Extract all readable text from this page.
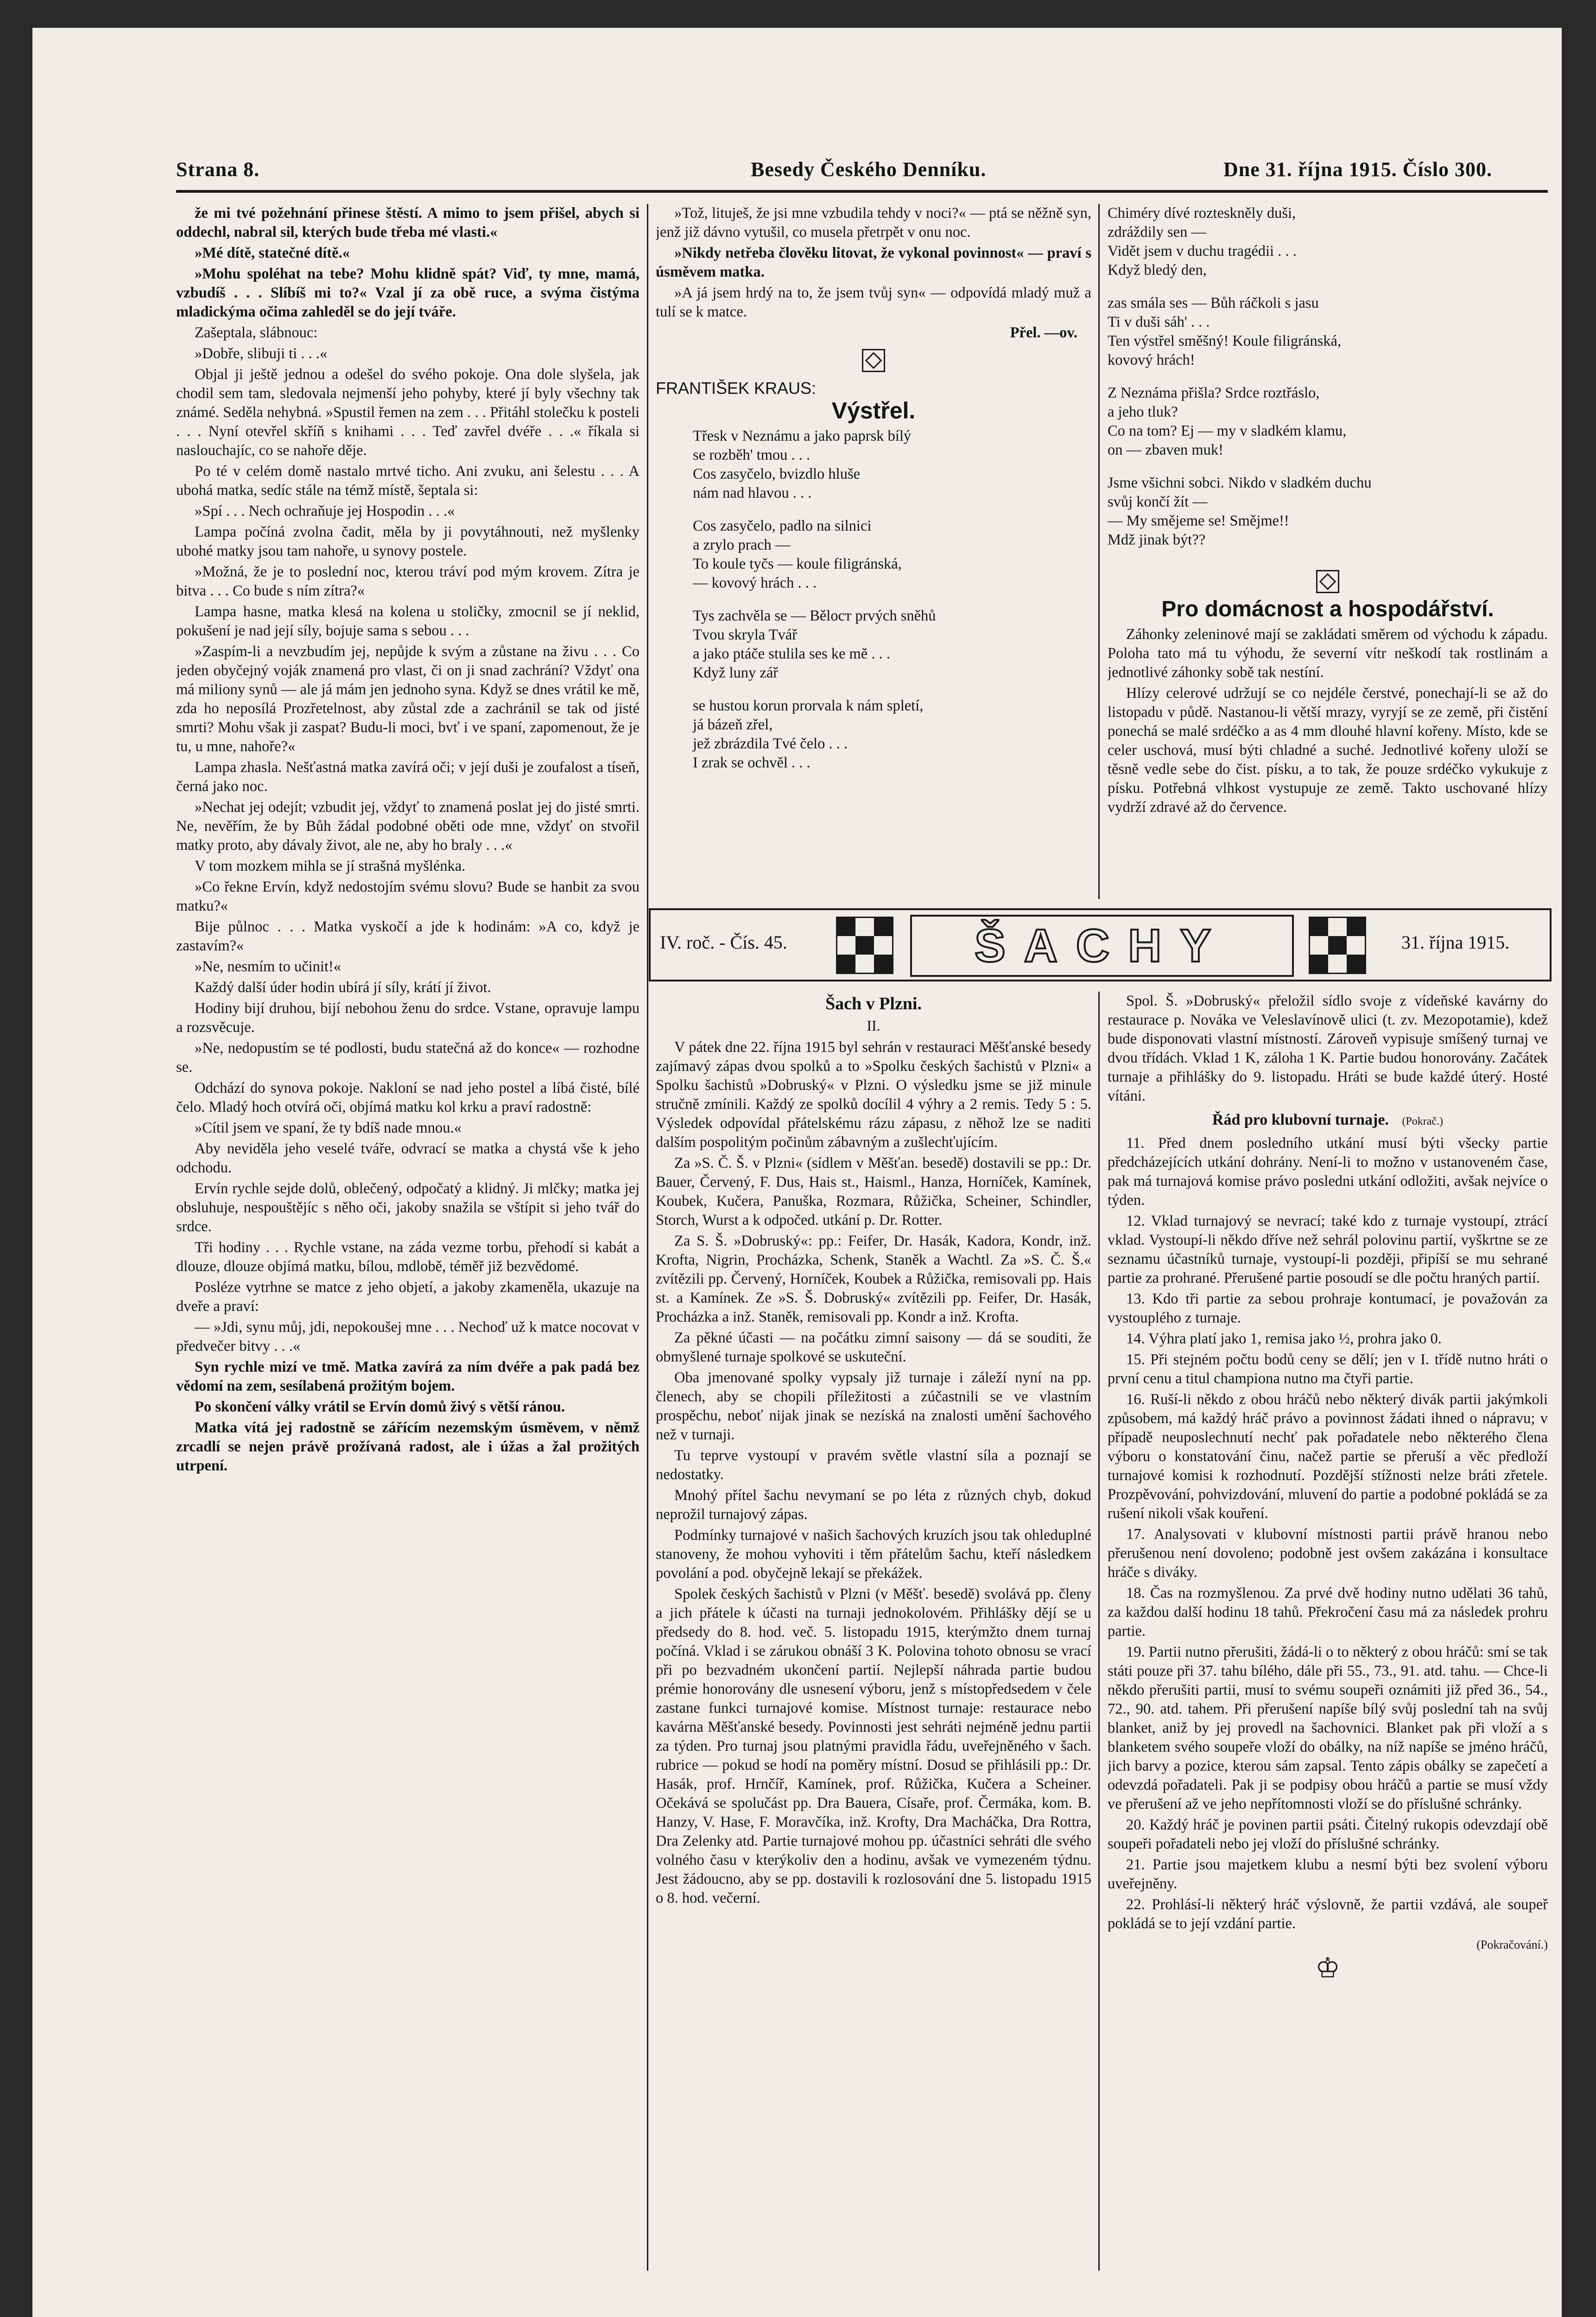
Strana 8.	Besedy Českého Denníku.	Dne 31. října 1915. Číslo 300.

že mi tvé požehnání přinese štěstí. A mimo to jsem přišel, abych si oddechl, nabral sil, kterých bude třeba mé vlasti.«

»Mé dítě, statečné dítě.«

»Mohu spoléhat na tebe? Mohu klidně spát? Viď, ty mne, mamá, vzbudíš . . . Slíbíš mi to?« Vzal jí za obě ruce, a svýma čistýma mladickýma očima zahleděl se do její tváře.

Zašeptala, slábnouc:

»Dobře, slibuji ti . . .«

Objal ji ještě jednou a odešel do svého pokoje. Ona dole slyšela, jak chodil sem tam, sledovala nejmenší jeho pohyby, které jí byly všechny tak známé. Seděla nehybná. »Spustil řemen na zem . . . Přitáhl stolečku k posteli . . . Nyní otevřel skříň s knihami . . . Teď zavřel dvéře . . .« říkala si naslouchajíc, co se nahoře děje.

Po té v celém domě nastalo mrtvé ticho. Ani zvuku, ani šelestu . . . A ubohá matka, sedíc stále na témž místě, šeptala si:

»Spí . . . Nech ochraňuje jej Hospodin . . .«

Lampa počíná zvolna čadit, měla by ji povytáhnouti, než myšlenky ubohé matky jsou tam nahoře, u synovy postele.

»Možná, že je to poslední noc, kterou tráví pod mým krovem. Zítra je bitva . . . Co bude s ním zítra?«

Lampa hasne, matka klesá na kolena u stoličky, zmocnil se jí neklid, pokušení je nad její síly, bojuje sama s sebou . . .

»Zaspím-li a nevzbudím jej, nepůjde k svým a zůstane na živu . . . Co jeden obyčejný voják znamená pro vlast, či on ji snad zachrání? Vždyť ona má miliony synů — ale já mám jen jednoho syna. Když se dnes vrátil ke mě, zda ho neposílá Prozřetelnost, aby zůstal zde a zachránil se tak od jisté smrti? Mohu však ji zaspat? Budu-li moci, bvť i ve spaní, zapomenout, že je tu, u mne, nahoře?«

Lampa zhasla. Nešťastná matka zavírá oči; v její duši je zoufalost a tíseň, černá jako noc.

»Nechat jej odejít; vzbudit jej, vždyť to znamená poslat jej do jisté smrti. Ne, nevěřím, že by Bůh žádal podobné oběti ode mne, vždyť on stvořil matky proto, aby dávaly život, ale ne, aby ho braly . . .«

V tom mozkem mihla se jí strašná myšlénka.

»Co řekne Ervín, když nedostojím svému slovu? Bude se hanbit za svou matku?«

Bije půlnoc . . . Matka vyskočí a jde k hodinám: »A co, když je zastavím?«

»Ne, nesmím to učinit!«

Každý další úder hodin ubírá jí síly, krátí jí život.

Hodiny bijí druhou, bijí nebohou ženu do srdce. Vstane, opravuje lampu a rozsvěcuje.

»Ne, nedopustím se té podlosti, budu statečná až do konce« — rozhodne se.

Odchází do synova pokoje. Nakloní se nad jeho postel a líbá čisté, bílé čelo. Mladý hoch otvírá oči, objímá matku kol krku a praví radostně:

»Cítil jsem ve spaní, že ty bdíš nade mnou.«

Aby neviděla jeho veselé tváře, odvrací se matka a chystá vše k jeho odchodu.

Ervín rychle sejde dolů, oblečený, odpočatý a klidný. Ji mlčky; matka jej obsluhuje, nespouštějíc s něho oči, jakoby snažila se vštípit si jeho tvář do srdce.

Tři hodiny . . . Rychle vstane, na záda vezme torbu, přehodí si kabát a dlouze, dlouze objímá matku, bílou, mdlobě, téměř již bezvědomé.

Posléze vytrhne se matce z jeho objetí, a jakoby zkameněla, ukazuje na dveře a praví:

— »Jdi, synu můj, jdi, nepokoušej mne . . . Nechoď už k matce nocovat v předvečer bitvy . . .«

Syn rychle mizí ve tmě. Matka zavírá za ním dvéře a pak padá bez vědomí na zem, sesílabená prožitým bojem.

Po skončení války vrátil se Ervín domů živý s větší ránou.

Matka vítá jej radostně se zářícím nezemským úsměvem, v němž zrcadlí se nejen právě prožívaná radost, ale i úžas a žal prožitých utrpení.

»Tož, lituješ, že jsi mne vzbudila tehdy v noci?« — ptá se něžně syn, jenž již dávno vytušil, co musela přetrpět v onu noc.

»Nikdy netřeba člověku litovat, že vykonal povinnost« — praví s úsměvem matka.

»A já jsem hrdý na to, že jsem tvůj syn« — odpovídá mladý muž a tulí se k matce.

Přel. —ov.

FRANTIŠEK KRAUS:

Výstřel.

Třesk v Neznámu a jako paprsk bílý

se rozběh' tmou . . .

Cos zasyčelo, bvizdlo hluše

nám nad hlavou . . .

Cos zasyčelo, padlo na silnici

a zrylo prach —

To koule tyčs — koule filigránská,

— kovový hrách . . .

Tys zachvěla se — Běloст prvých sněhů

Tvou skryla Tvář

a jako ptáče stulila ses ke mě . . .

Když luny zář

se hustou korun prorvala k nám spletí,

já bázeň zřel,

jež zbrázdila Tvé čelo . . .

I zrak se ochvěl . . .

Chiméry dívé rozteskněly duši,

zdráždily sen —

Vidět jsem v duchu tragédii . . .

Když bledý den,

zas smála ses — Bůh ráčkoli s jasu

Ti v duši sáh' . . .

Ten výstřel směšný! Koule filigránská,

kovový hrách!

Z Neznáma přišla? Srdce roztřáslo,

a jeho tluk?

Co na tom? Ej — my v sladkém klamu,

on — zbaven muk!

Jsme všichni sobci. Nikdo v sladkém duchu

svůj končí žít —

— My smějeme se! Smějme!!

Mdž jinak být??

Pro domácnost a hospodářství.

Záhonky zeleninové mají se zakládati směrem od východu k západu. Poloha tato má tu výhodu, že severní vítr neškodí tak rostlinám a jednotlivé záhonky sobě tak nestíní.

Hlízy celerové udržují se co nejdéle čerstvé, ponechají-li se až do listopadu v půdě. Nastanou-li větší mrazy, vyryjí se ze země, při čistění ponechá se malé srdéčko a as 4 mm dlouhé hlavní kořeny. Místo, kde se celer uschová, musí býti chladné a suché. Jednotlivé kořeny uloží se těsně vedle sebe do čist. písku, a to tak, že pouze srdéčko vykukuje z písku. Potřebná vlhkost vystupuje ze země. Takto uschované hlízy vydrží zdravé až do července.

IV. roč. - Čís. 45.	ŠACHY	31. října 1915.
Šach v Plzni.
II.

V pátek dne 22. října 1915 byl sehrán v restauraci Měšťanské besedy zajímavý zápas dvou spolků a to »Spolku českých šachistů v Plzni« a Spolku šachistů »Dobruský« v Plzni. O výsledku jsme se již minule stručně zmínili. Každý ze spolků docílil 4 výhry a 2 remis. Tedy 5 : 5. Výsledek odpovídal přátelskému rázu zápasu, z něhož lze se naditi dalším pospolitým počinům zábavným a zušlechťujícím.

Za »S. Č. Š. v Plzni« (sídlem v Měšťan. besedě) dostavili se pp.: Dr. Bauer, Červený, F. Dus, Hais st., Haisml., Hanza, Horníček, Kamínek, Koubek, Kučera, Panuška, Rozmara, Růžička, Scheiner, Schindler, Storch, Wurst a k odpočed. utkání p. Dr. Rotter.

Za S. Š. »Dobruský«: pp.: Feifer, Dr. Hasák, Kadora, Kondr, inž. Krofta, Nigrin, Procházka, Schenk, Staněk a Wachtl. Za »S. Č. Š.« zvítězili pp. Červený, Horníček, Koubek a Růžička, remisovali pp. Hais st. a Kamínek. Ze »S. Š. Dobruský« zvítězili pp. Feifer, Dr. Hasák, Procházka a inž. Staněk, remisovali pp. Kondr a inž. Krofta.

Za pěkné účasti — na počátku zimní saisony — dá se souditi, že obmyšlené turnaje spolkové se uskuteční.

Oba jmenované spolky vypsaly již turnaje i záleží nyní na pp. členech, aby se chopili příležitosti a zúčastnili se ve vlastním prospěchu, neboť nijak jinak se nezíská na znalosti umění šachového než v turnaji.

Tu teprve vystoupí v pravém světle vlastní síla a poznají se nedostatky.

Mnohý přítel šachu nevymaní se po léta z různých chyb, dokud neprožil turnajový zápas.

Podmínky turnajové v našich šachových kruzích jsou tak ohleduplné stanoveny, že mohou vyhoviti i těm přátelům šachu, kteří následkem povolání a pod. obyčejně lekají se překážek.

Spolek českých šachistů v Plzni (v Měšť. besedě) svolává pp. členy a jich přátele k účasti na turnaji jednokolovém. Přihlášky dějí se u předsedy do 8. hod. več. 5. listopadu 1915, kterýmžto dnem turnaj počíná. Vklad i se zárukou obnáší 3 K. Polovina tohoto obnosu se vrací při po bezvadném ukončení partií. Nejlepší náhrada partie budou prémie honorovány dle usnesení výboru, jenž s místopředsedem v čele zastane funkci turnajové komise. Místnost turnaje: restaurace nebo kavárna Měšťanské besedy. Povinnosti jest sehráti nejméně jednu partii za týden. Pro turnaj jsou platnými pravidla řádu, uveřejněného v šach. rubrice — pokud se hodí na poměry místní. Dosud se přihlásili pp.: Dr. Hasák, prof. Hrnčíř, Kamínek, prof. Růžička, Kučera a Scheiner. Očekává se spolučást pp. Dra Bauera, Císaře, prof. Čermáka, kom. B. Hanzy, V. Hase, F. Moravčíka, inž. Krofty, Dra Macháčka, Dra Rottra, Dra Zelenky atd. Partie turnajové mohou pp. účastníci sehráti dle svého volného času v kterýkoliv den a hodinu, avšak ve vymezeném týdnu. Jest žádoucno, aby se pp. dostavili k rozlosování dne 5. listopadu 1915 o 8. hod. večerní.

Spol. Š. »Dobruský« přeložil sídlo svoje z vídeňské kavárny do restaurace p. Nováka ve Veleslavínově ulici (t. zv. Mezopotamie), kdež bude disponovati vlastní místností. Zároveň vypisuje smíšený turnaj ve dvou třídách. Vklad 1 K, záloha 1 K. Partie budou honorovány. Začátek turnaje a přihlášky do 9. listopadu. Hráti se bude každé úterý. Hosté vítáni.

Řád pro klubovní turnaje. (Pokrač.)

11. Před dnem posledního utkání musí býti všecky partie předcházejících utkání dohrány. Není-li to možno v ustanoveném čase, pak má turnajová komise právo posledni utkání odložiti, avšak nejvíce o týden.

12. Vklad turnajový se nevrací; také kdo z turnaje vystoupí, ztrácí vklad. Vystoupí-li někdo dříve než sehrál polovinu partií, vyškrtne se ze seznamu účastníků turnaje, vystoupí-li později, připíší se mu sehrané partie za prohrané. Přerušené partie posoudí se dle počtu hraných partií.

13. Kdo tři partie za sebou prohraje kontumací, je považován za vystouplého z turnaje.

14. Výhra platí jako 1, remisa jako ½, prohra jako 0.

15. Při stejném počtu bodů ceny se dělí; jen v I. třídě nutno hráti o první cenu a titul championa nutno ma čtyři partie.

16. Ruší-li někdo z obou hráčů nebo některý divák partii jakýmkoli způsobem, má každý hráč právo a povinnost žádati ihned o nápravu; v případě neuposlechnutí nechť pak pořadatele nebo některého člena výboru o konstatování činu, načež partie se přeruší a věc předloží turnajové komisi k rozhodnutí. Pozdější stížnosti nelze bráti zřetele. Prozpěvování, pohvizdování, mluvení do partie a podobné pokládá se za rušení nikoli však kouření.

17. Analysovati v klubovní místnosti partii právě hranou nebo přerušenou není dovoleno; podobně jest ovšem zakázána i konsultace hráče s diváky.

18. Čas na rozmyšlenou. Za prvé dvě hodiny nutno udělati 36 tahů, za každou další hodinu 18 tahů. Překročení času má za následek prohru partie.

19. Partii nutno přerušiti, žádá-li o to některý z obou hráčů: smí se tak státi pouze při 37. tahu bílého, dále při 55., 73., 91. atd. tahu. — Chce-li někdo přerušiti partii, musí to svému soupeři oznámiti již před 36., 54., 72., 90. atd. tahem. Při přerušení napíše bílý svůj poslední tah na svůj blanket, aniž by jej provedl na šachovnici. Blanket pak při vloží a s blanketem svého soupeře vloží do obálky, na níž napíše se jméno hráčů, jich barvy a pozice, kterou sám zapsal. Tento zápis obálky se zapečetí a odevzdá pořadateli. Pak ji se podpisy obou hráčů a partie se musí vždy ve přerušení až ve jeho nepřítomnosti vloží se do příslušné schránky.

20. Každý hráč je povinen partii psáti. Čitelný rukopis odevzdají obě soupeři pořadateli nebo jej vloží do příslušné schránky.

21. Partie jsou majetkem klubu a nesmí býti bez svolení výboru uveřejněny.

22. Prohlásí-li některý hráč výslovně, že partii vzdává, ale soupeř pokládá se to její vzdání partie.

(Pokračování.)

♔
